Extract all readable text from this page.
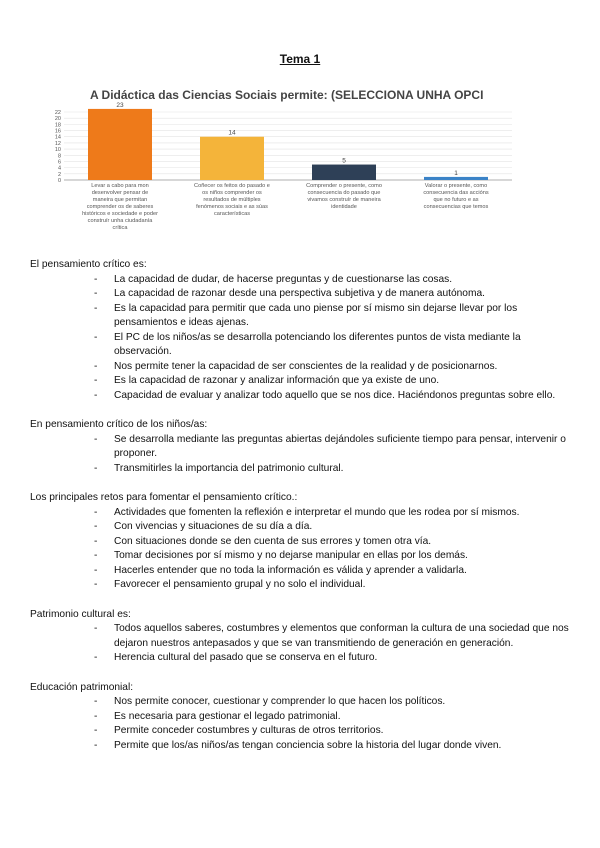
Tema 1
0
2
4
6
8
10
12
14
16
18
20
22
23
14
5
1
A Didáctica das Ciencias Sociais permite: (SELECCIONA UNHA OPCI
Levar a cabo para mon desenvolver pensar de maneira que permitan comprender os de saberes históricos e sociedade e poder construír unha ciudadanía crítica
Coñecer os feitos do pasado e os niños comprender os resultados de múltiples fenómenos sociais e as súas características
Comprender o presente, como consecuencia do pasado que vivamos construír de maneira identidade
Valorar o presente, como consecuencia das accións que no futuro e as consecuencias que temos

El pensamiento crítico es:

- La capacidad de dudar, de hacerse preguntas y de cuestionarse las cosas.
- La capacidad de razonar desde una perspectiva subjetiva y de manera autónoma.
- Es la capacidad para permitir que cada uno piense por sí mismo sin dejarse llevar por los pensamientos e ideas ajenas.
- El PC de los niños/as se desarrolla potenciando los diferentes puntos de vista mediante la observación.
- Nos permite tener la capacidad de ser conscientes de la realidad y de posicionarnos.
- Es la capacidad de razonar y analizar información que ya existe de uno.
- Capacidad de evaluar y analizar todo aquello que se nos dice. Haciéndonos preguntas sobre ello.

En pensamiento crítico de los niños/as:

- Se desarrolla mediante las preguntas abiertas dejándoles suficiente tiempo para pensar, intervenir o proponer.
- Transmitirles la importancia del patrimonio cultural.

Los principales retos para fomentar el pensamiento crítico.:

- Actividades que fomenten la reflexión e interpretar el mundo que les rodea por sí mismos.
- Con vivencias y situaciones de su día a día.
- Con situaciones donde se den cuenta de sus errores y tomen otra vía.
- Tomar decisiones por sí mismo y no dejarse manipular en ellas por los demás.
- Hacerles entender que no toda la información es válida y aprender a validarla.
- Favorecer el pensamiento grupal y no solo el individual.

Patrimonio cultural es:

- Todos aquellos saberes, costumbres y elementos que conforman la cultura de una sociedad que nos dejaron nuestros antepasados y que se van transmitiendo de generación en generación.
- Herencia cultural del pasado que se conserva en el futuro.

Educación patrimonial:

- Nos permite conocer, cuestionar y comprender lo que hacen los políticos.
- Es necesaria para gestionar el legado patrimonial.
- Permite conceder costumbres y culturas de otros territorios.
- Permite que los/as niños/as tengan conciencia sobre la historia del lugar donde viven.
